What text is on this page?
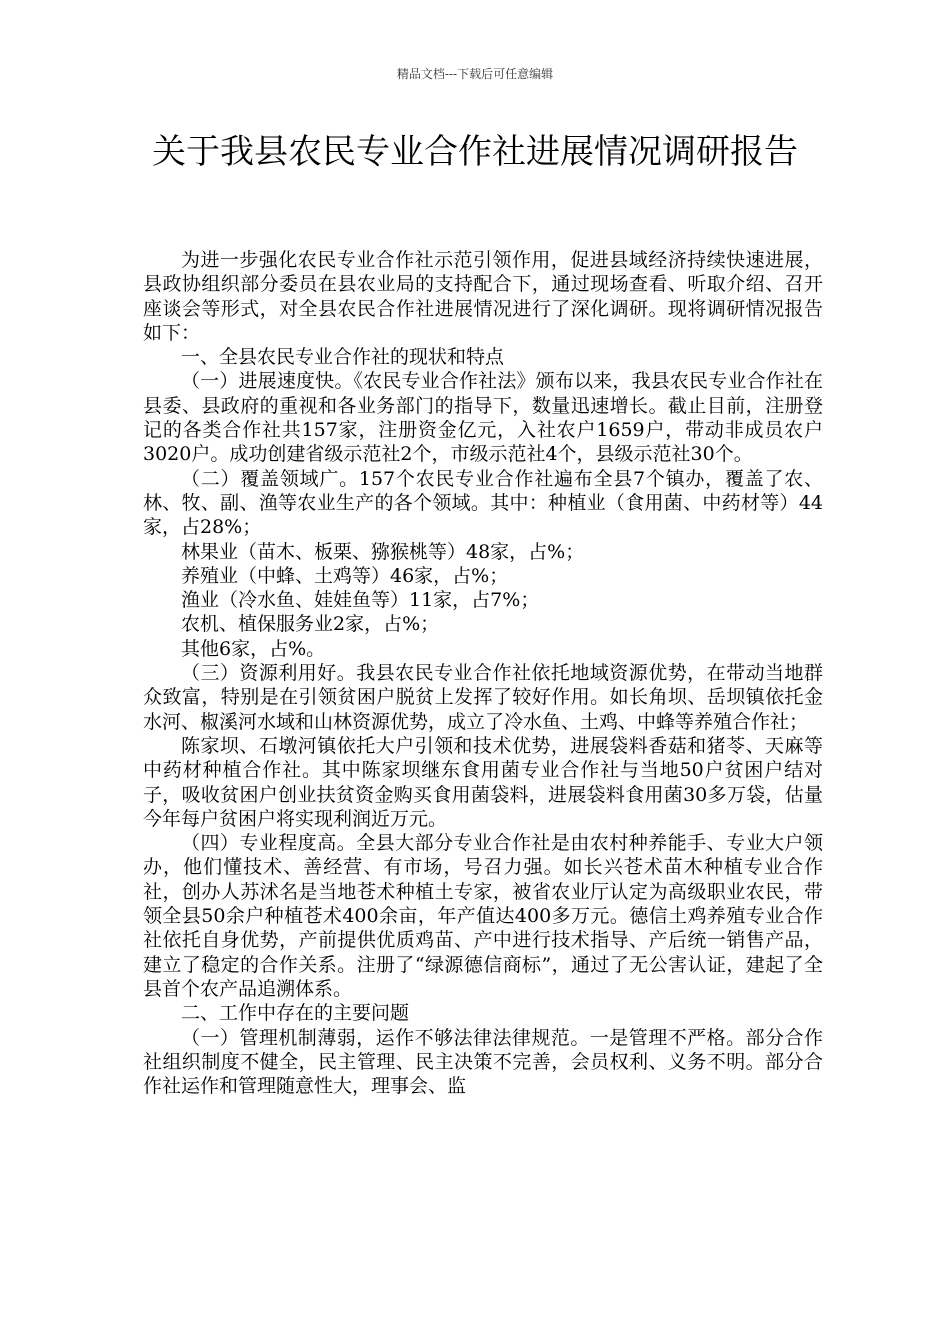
精品文档---下载后可任意编辑
关于我县农民专业合作社进展情况调研报告

为进一步强化农民专业合作社示范引领作用，促进县域经济持续快速进展，县政协组织部分委员在县农业局的支持配合下，通过现场查看、听取介绍、召开座谈会等形式，对全县农民合作社进展情况进行了深化调研。现将调研情况报告如下：

一、全县农民专业合作社的现状和特点

（一）进展速度快。《农民专业合作社法》颁布以来，我县农民专业合作社在县委、县政府的重视和各业务部门的指导下，数量迅速增长。截止目前，注册登记的各类合作社共157家，注册资金亿元，入社农户1659户，带动非成员农户3020户。成功创建省级示范社2个，市级示范社4个，县级示范社30个。

（二）覆盖领域广。157个农民专业合作社遍布全县7个镇办，覆盖了农、林、牧、副、渔等农业生产的各个领域。其中：种植业（食用菌、中药材等）44家，占28%；

林果业（苗木、板栗、猕猴桃等）48家，占%；

养殖业（中蜂、土鸡等）46家，占%；

渔业（冷水鱼、娃娃鱼等）11家，占7%；

农机、植保服务业2家，占%；

其他6家，占%。

（三）资源利用好。我县农民专业合作社依托地域资源优势，在带动当地群众致富，特别是在引领贫困户脱贫上发挥了较好作用。如长角坝、岳坝镇依托金水河、椒溪河水域和山林资源优势，成立了冷水鱼、土鸡、中蜂等养殖合作社；

陈家坝、石墩河镇依托大户引领和技术优势，进展袋料香菇和猪苓、天麻等中药材种植合作社。其中陈家坝继东食用菌专业合作社与当地50户贫困户结对子，吸收贫困户创业扶贫资金购买食用菌袋料，进展袋料食用菌30多万袋，估量今年每户贫困户将实现利润近万元。

（四）专业程度高。全县大部分专业合作社是由农村种养能手、专业大户领办，他们懂技术、善经营、有市场，号召力强。如长兴苍术苗木种植专业合作社，创办人苏沭名是当地苍术种植土专家，被省农业厅认定为高级职业农民，带领全县50余户种植苍术400余亩，年产值达400多万元。德信土鸡养殖专业合作社依托自身优势，产前提供优质鸡苗、产中进行技术指导、产后统一销售产品，建立了稳定的合作关系。注册了“绿源德信商标”，通过了无公害认证，建起了全县首个农产品追溯体系。

二、工作中存在的主要问题

（一）管理机制薄弱，运作不够法律法律规范。一是管理不严格。部分合作社组织制度不健全，民主管理、民主决策不完善，会员权利、义务不明。部分合作社运作和管理随意性大，理事会、监
